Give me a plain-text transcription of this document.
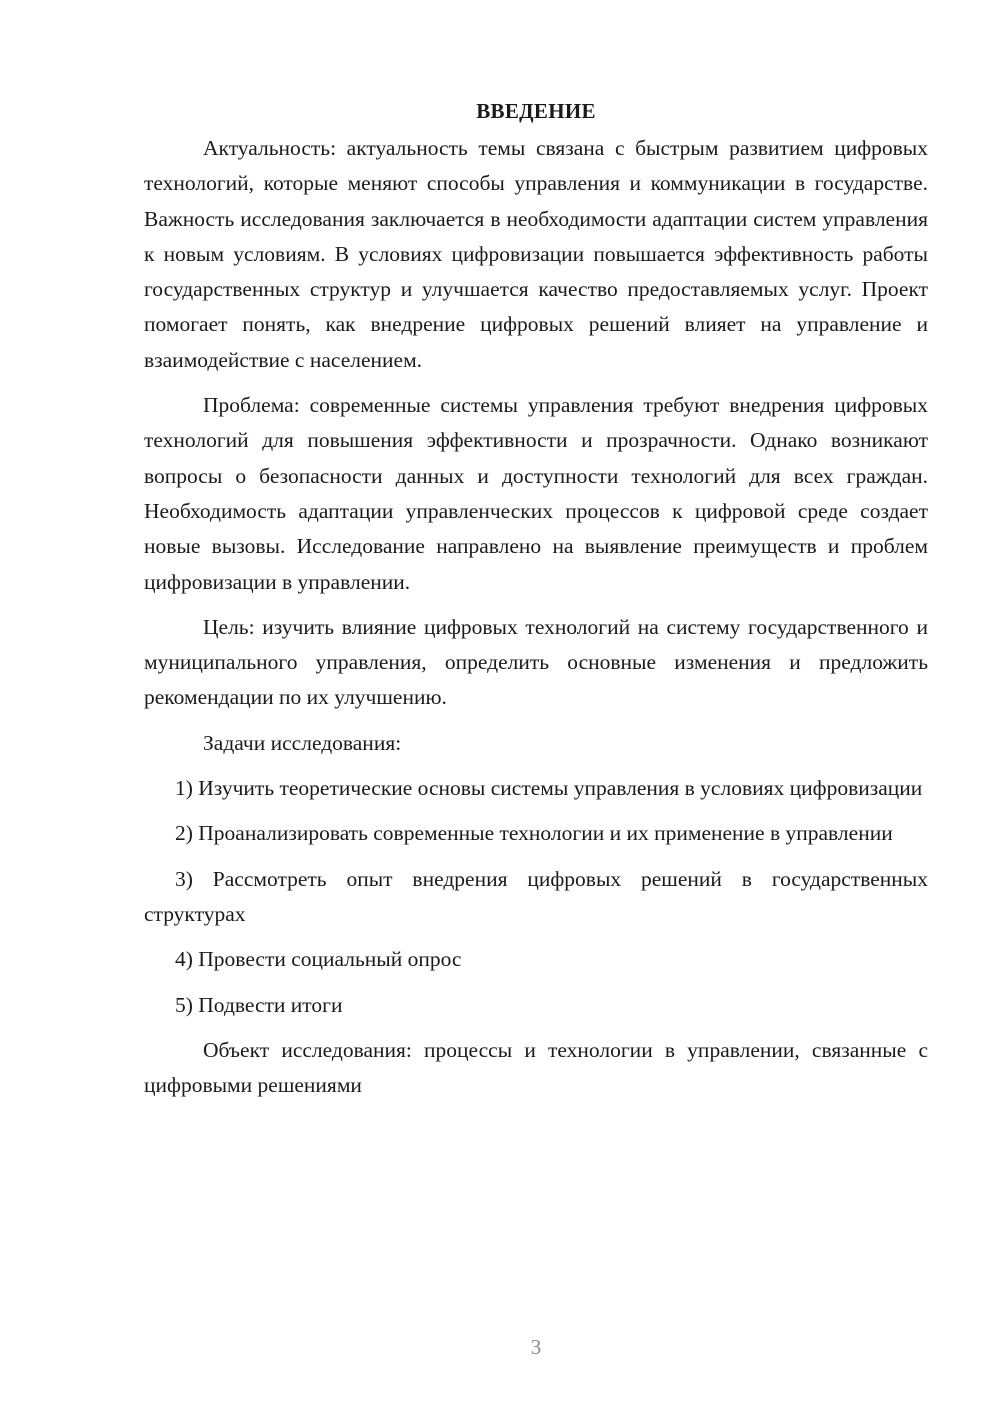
ВВЕДЕНИЕ

Актуальность: актуальность темы связана с быстрым развитием цифровых технологий, которые меняют способы управления и коммуникации в государстве. Важность исследования заключается в необходимости адаптации систем управления к новым условиям. В условиях цифровизации повышается эффективность работы государственных структур и улучшается качество предоставляемых услуг. Проект помогает понять, как внедрение цифровых решений влияет на управление и взаимодействие с населением.

Проблема: современные системы управления требуют внедрения цифровых технологий для повышения эффективности и прозрачности. Однако возникают вопросы о безопасности данных и доступности технологий для всех граждан. Необходимость адаптации управленческих процессов к цифровой среде создает новые вызовы. Исследование направлено на выявление преимуществ и проблем цифровизации в управлении.

Цель: изучить влияние цифровых технологий на систему государственного и муниципального управления, определить основные изменения и предложить рекомендации по их улучшению.

Задачи исследования:

1) Изучить теоретические основы системы управления в условиях цифровизации

2) Проанализировать современные технологии и их применение в управлении

3) Рассмотреть опыт внедрения цифровых решений в государственных структурах

4) Провести социальный опрос

5) Подвести итоги

Объект исследования: процессы и технологии в управлении, связанные с цифровыми решениями

3
